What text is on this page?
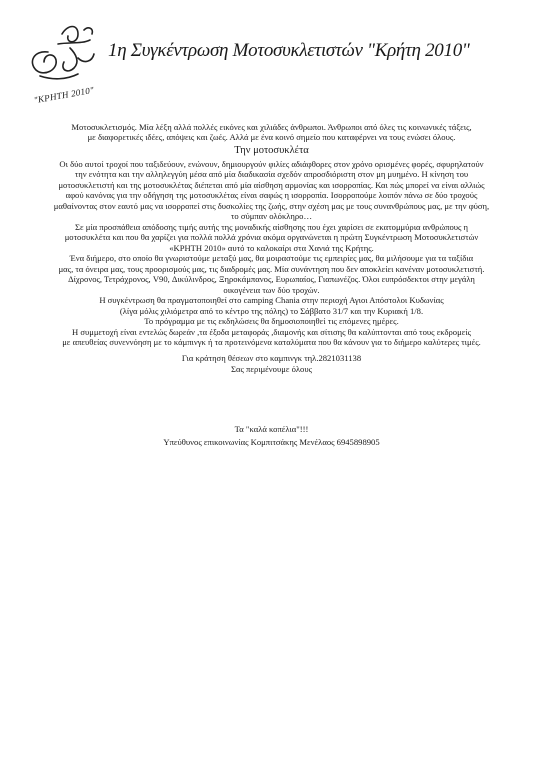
"ΚΡΗΤΗ 2010"
1η Συγκέντρωση Μοτοσυκλετιστών "Κρήτη 2010"

Μοτοσυκλετισμός. Μία λέξη αλλά πολλές εικόνες και χιλιάδες άνθρωποι. Άνθρωποι από όλες τις κοινωνικές τάξεις,

με διαφορετικές ιδέες, απόψεις και ζωές. Αλλά με ένα κοινό σημείο που καταφέρνει να τους ενώσει όλους.

Την μοτοσυκλέτα

Οι δύο αυτοί τροχοί που ταξιδεύουν, ενώνουν, δημιουργούν φιλίες αδιάφθορες στον χρόνο ορισμένες φορές, σφυρηλατούν

την ενότητα και την αλληλεγγύη μέσα από μία διαδικασία σχεδόν απροσδιόριστη στον μη μυημένο. Η κίνηση του

μοτοσυκλετιστή και της μοτοσυκλέτας διέπεται από μία αίσθηση αρμονίας και ισορροπίας. Και πώς μπορεί να είναι αλλιώς

αφού κανόνας για την οδήγηση της μοτοσυκλέτας είναι σαφώς η ισορροπία. Ισορροπούμε λοιπόν πάνω σε δύο τροχούς

μαθαίνοντας στον εαυτό μας να ισορροπεί στις δυσκολίες της ζωής, στην σχέση μας με τους συνανθρώπους μας, με την φύση,

το σύμπαν ολόκληρο…

Σε μία προσπάθεια απόδοσης τιμής αυτής της μοναδικής αίσθησης που έχει χαρίσει σε εκατομμύρια ανθρώπους η

μοτοσυκλέτα και που θα χαρίζει για πολλά πολλά χρόνια ακόμα οργανώνεται η πρώτη Συγκέντρωση Μοτοσυκλετιστών

«ΚΡΗΤΗ 2010» αυτό το καλοκαίρι στα Χανιά της Κρήτης.

Ένα διήμερο, στο οποίο θα γνωριστούμε μεταξύ μας, θα μοιραστούμε τις εμπειρίες μας, θα μιλήσουμε για τα ταξίδια

μας, τα όνειρα μας, τους προορισμούς μας, τις διαδρομές μας. Μία συνάντηση που δεν αποκλείει κανέναν μοτοσυκλετιστή.

Δίχρονος, Τετράχρονος, V90, Δικύλινδρος, Ξηροκάμπανος, Ευρωπαίος, Γιαπωνέζος. Όλοι ευπρόσδεκτοι στην μεγάλη

οικογένεια των δύο τροχών.

Η συγκέντρωση θα πραγματοποιηθεί στο camping Chania στην περιοχή Αγιοι Απόστολοι Κυδωνίας

(λίγα μόλις χιλιόμετρα από το κέντρο της πόλης) το Σάββατο 31/7 και την Κυριακή 1/8.

Το πρόγραμμα με τις εκδηλώσεις θα δημοσιοποιηθεί τις επόμενες ημέρες.

Η συμμετοχή είναι εντελώς δωρεάν ,τα έξοδα μεταφοράς ,διαμονής και σίτισης θα καλύπτονται από τους εκδρομείς

με απευθείας συνεννόηση με το κάμπινγκ ή τα προτεινόμενα καταλύματα που θα κάνουν για το διήμερο καλύτερες τιμές.

Για κράτηση θέσεων στο καμπινγκ τηλ.2821031138

Σας περιμένουμε όλους

Τα "καλά κοπέλια"!!!

Υπεύθυνος επικοινωνίας Κομπιτσάκης Μενέλαος 6945898905
